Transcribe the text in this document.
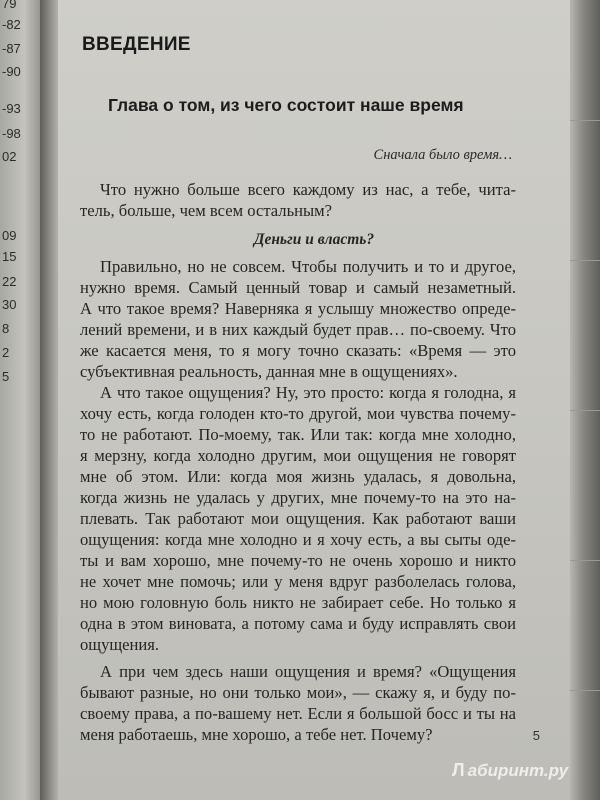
79
-82
-87
-90
-93
-98
02
09
15
22
30
8
2
5
ВВЕДЕНИЕ
Глава о том, из чего состоит наше время
Сначала было время…
Что нужно больше всего каждому из нас, а тебе, чита-
тель, больше, чем всем остальным?
Деньги и власть?
Правильно, но не совсем. Чтобы получить и то и другое,
нужно время. Самый ценный товар и самый незаметный.
А что такое время? Наверняка я услышу множество опреде-
лений времени, и в них каждый будет прав… по-своему. Что
же касается меня, то я могу точно сказать: «Время — это
субъективная реальность, данная мне в ощущениях».
А что такое ощущения? Ну, это просто: когда я голодна, я
хочу есть, когда голоден кто-то другой, мои чувства почему-
то не работают. По-моему, так. Или так: когда мне холодно,
я мерзну, когда холодно другим, мои ощущения не говорят
мне об этом. Или: когда моя жизнь удалась, я довольна,
когда жизнь не удалась у других, мне почему-то на это на-
плевать. Так работают мои ощущения. Как работают ваши
ощущения: когда мне холодно и я хочу есть, а вы сыты оде-
ты и вам хорошо, мне почему-то не очень хорошо и никто
не хочет мне помочь; или у меня вдруг разболелась голова,
но мою головную боль никто не забирает себе. Но только я
одна в этом виновата, а потому сама и буду исправлять свои
ощущения.
А при чем здесь наши ощущения и время? «Ощущения
бывают разные, но они только мои», — скажу я, и буду по-
своему права, а по-вашему нет. Если я большой босс и ты на
меня работаешь, мне хорошо, а тебе нет. Почему?	5
Л абиринт.ру
